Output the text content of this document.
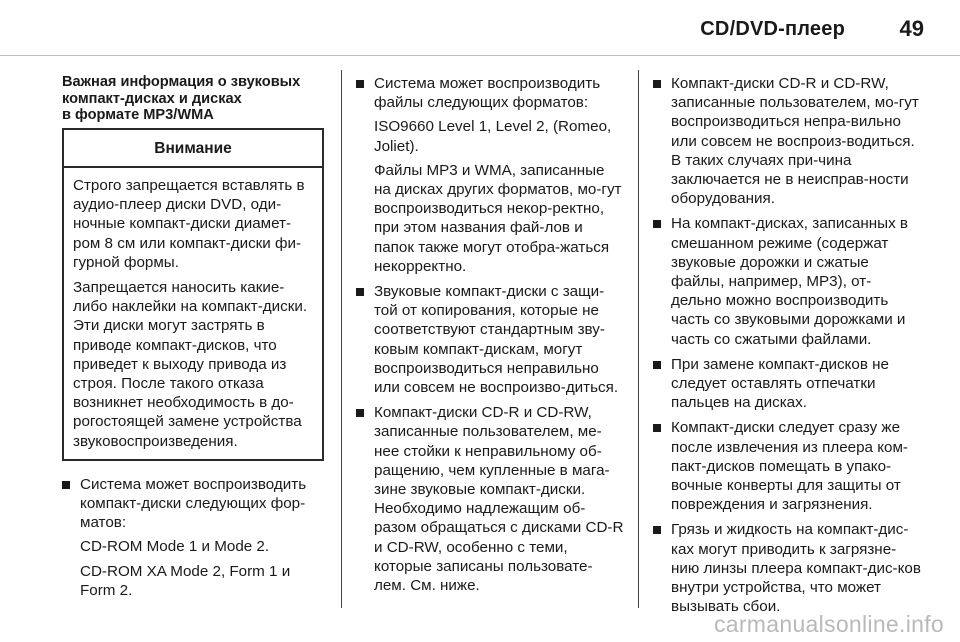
CD/DVD-плеер 49
Важная информация о звуковых
компакт-дисках и дисках
в формате MP3/WMA
Внимание

Строго запрещается вставлять в аудио-плеер диски DVD, оди-ночные компакт-диски диамет-ром 8 см или компакт-диски фи-гурной формы.

Запрещается наносить какие-либо наклейки на компакт-диски. Эти диски могут застрять в приводе компакт-дисков, что приведет к выходу привода из строя. После такого отказа возникнет необходимость в до-рогостоящей замене устройства звуковоспроизведения.

Система может воспроизводить компакт-диски следующих фор-матов:

CD-ROM Mode 1 и Mode 2.

CD-ROM XA Mode 2, Form 1 и Form 2.

Система может воспроизводить файлы следующих форматов:

ISO9660 Level 1, Level 2, (Romeo, Joliet).

Файлы MP3 и WMA, записанные на дисках других форматов, мо-гут воспроизводиться некор-ректно, при этом названия фай-лов и папок также могут отобра-жаться некорректно.

Звуковые компакт-диски с защи-той от копирования, которые не соответствуют стандартным зву-ковым компакт-дискам, могут воспроизводиться неправильно или совсем не воспроизво-диться.

Компакт-диски CD-R и CD-RW, записанные пользователем, ме-нее стойки к неправильному об-ращению, чем купленные в мага-зине звуковые компакт-диски. Необходимо надлежащим об-разом обращаться с дисками CD-R и CD-RW, особенно с теми, которые записаны пользовате-лем. См. ниже.

Компакт-диски CD-R и CD-RW, записанные пользователем, мо-гут воспроизводиться непра-вильно или совсем не воспроиз-водиться. В таких случаях при-чина заключается не в неисправ-ности оборудования.

На компакт-дисках, записанных в смешанном режиме (содержат звуковые дорожки и сжатые файлы, например, MP3), от-дельно можно воспроизводить часть со звуковыми дорожками и часть со сжатыми файлами.

При замене компакт-дисков не следует оставлять отпечатки пальцев на дисках.

Компакт-диски следует сразу же после извлечения из плеера ком-пакт-дисков помещать в упако-вочные конверты для защиты от повреждения и загрязнения.

Грязь и жидкость на компакт-дис-ках могут приводить к загрязне-нию линзы плеера компакт-дис-ков внутри устройства, что может вызывать сбои.

carmanualsonline.info
